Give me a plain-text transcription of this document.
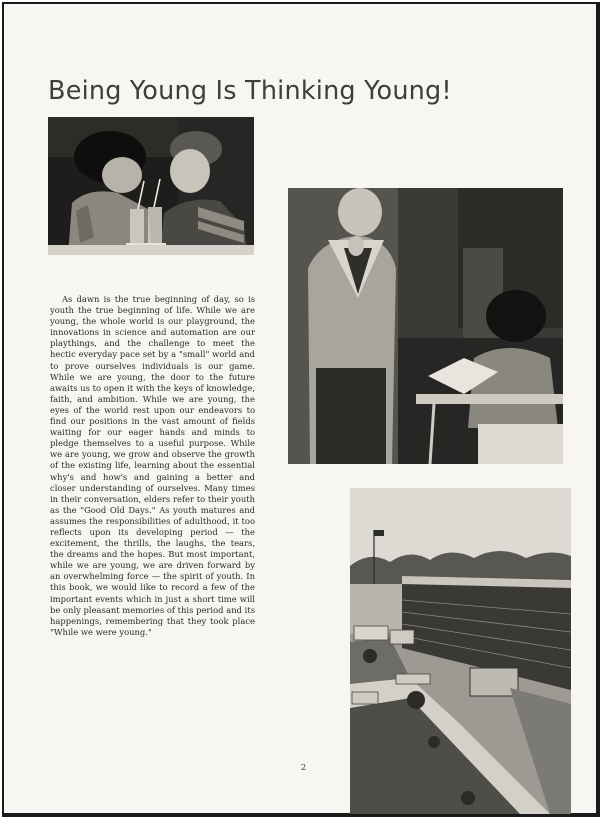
Being Young Is Thinking Young!

As dawn is the true beginning of day, so is youth the true beginning of life. While we are young, the whole world is our playground, the innovations in science and automation are our playthings, and the challenge to meet the hectic everyday pace set by a "small" world and to prove ourselves individuals is our game. While we are young, the door to the future awaits us to open it with the keys of knowledge, faith, and ambition. While we are young, the eyes of the world rest upon our endeavors to find our positions in the vast amount of fields waiting for our eager hands and minds to pledge themselves to a useful purpose. While we are young, we grow and observe the growth of the existing life, learning about the essential why's and how's and gaining a better and closer understanding of ourselves. Many times in their conversation, elders refer to their youth as the "Good Old Days." As youth matures and assumes the responsibilities of adulthood, it too reflects upon its developing period — the excitement, the thrills, the laughs, the tears, the dreams and the hopes. But most important, while we are young, we are driven forward by an overwhelming force — the spirit of youth. In this book, we would like to record a few of the important events which in just a short time will be only pleasant memories of this period and its happenings, remembering that they took place "While we were young."

2
